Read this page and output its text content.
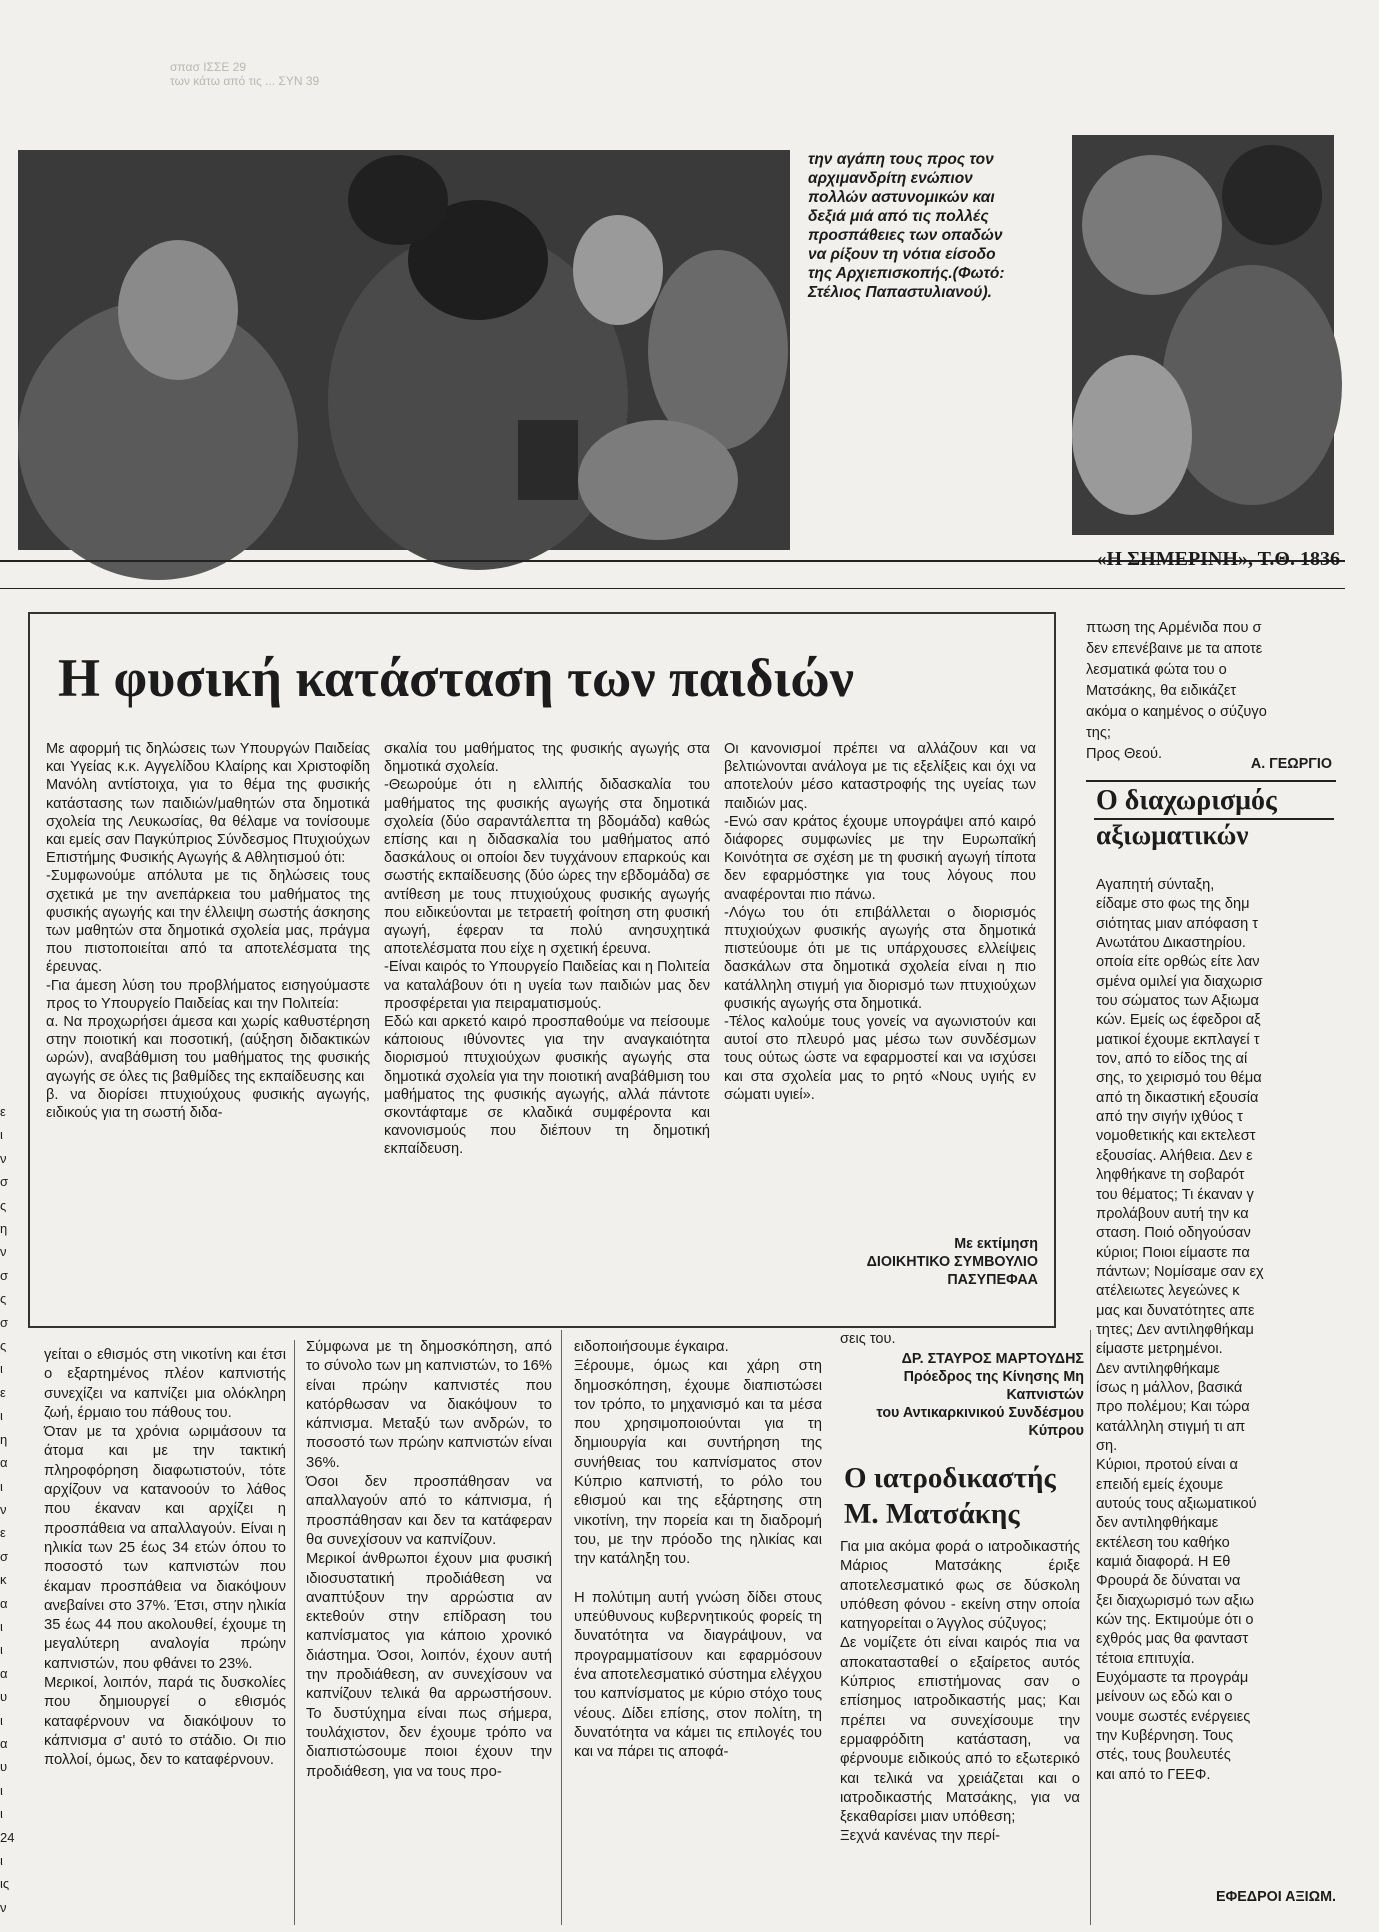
σπασ ΙΣΣΕ 29
των κάτω από τις ... ΣΥΝ 39
την αγάπη τους προς τον
αρχιμανδρίτη ενώπιον
πολλών αστυνομικών και
δεξιά μιά από τις πολλές
προσπάθειες των οπαδών
να ρίξουν τη νότια είσοδο
της Αρχιεπισκοπής.(Φωτό:
Στέλιος Παπαστυλιανού).
«Η ΣΗΜΕΡΙΝΗ», Τ.Θ. 1836
Η φυσική κατάσταση των παιδιών
Με αφορμή τις δηλώσεις των Υπουργών Παιδείας και Υγείας κ.κ. Αγγελίδου Κλαίρης και Χριστοφίδη Μανόλη αντίστοιχα, για το θέμα της φυσικής κατάστασης των παιδιών/μαθητών στα δημοτικά σχολεία της Λευκωσίας, θα θέλαμε να τονίσουμε και εμείς σαν Παγκύπριος Σύνδεσμος Πτυχιούχων Επιστήμης Φυσικής Αγωγής & Αθλητισμού ότι:
-Συμφωνούμε απόλυτα με τις δηλώσεις τους σχετικά με την ανεπάρκεια του μαθήματος της φυσικής αγωγής και την έλλειψη σωστής άσκησης των μαθητών στα δημοτικά σχολεία μας, πράγμα που πιστοποιείται από τα αποτελέσματα της έρευνας.
-Για άμεση λύση του προβλήματος εισηγούμαστε προς το Υπουργείο Παιδείας και την Πολιτεία:
α. Να προχωρήσει άμεσα και χωρίς καθυστέρηση στην ποιοτική και ποσοτική, (αύξηση διδακτικών ωρών), αναβάθμιση του μαθήματος της φυσικής αγωγής σε όλες τις βαθμίδες της εκπαίδευσης και
β. να διορίσει πτυχιούχους φυσικής αγωγής, ειδικούς για τη σωστή διδα-
σκαλία του μαθήματος της φυσικής αγωγής στα δημοτικά σχολεία.
-Θεωρούμε ότι η ελλιπής διδασκαλία του μαθήματος της φυσικής αγωγής στα δημοτικά σχολεία (δύο σαραντάλεπτα τη βδομάδα) καθώς επίσης και η διδασκαλία του μαθήματος από δασκάλους οι οποίοι δεν τυγχάνουν επαρκούς και σωστής εκπαίδευσης (δύο ώρες την εβδομάδα) σε αντίθεση με τους πτυχιούχους φυσικής αγωγής που ειδικεύονται με τετραετή φοίτηση στη φυσική αγωγή, έφεραν τα πολύ ανησυχητικά αποτελέσματα που είχε η σχετική έρευνα.
-Είναι καιρός το Υπουργείο Παιδείας και η Πολιτεία να καταλάβουν ότι η υγεία των παιδιών μας δεν προσφέρεται για πειραματισμούς.
Εδώ και αρκετό καιρό προσπαθούμε να πείσουμε κάποιους ιθύνοντες για την αναγκαιότητα διορισμού πτυχιούχων φυσικής αγωγής στα δημοτικά σχολεία για την ποιοτική αναβάθμιση του μαθήματος της φυσικής αγωγής, αλλά πάντοτε σκοντάφταμε σε κλαδικά συμφέροντα και κανονισμούς που διέπουν τη δημοτική εκπαίδευση.
Οι κανονισμοί πρέπει να αλλάζουν και να βελτιώνονται ανάλογα με τις εξελίξεις και όχι να αποτελούν μέσο καταστροφής της υγείας των παιδιών μας.
-Ενώ σαν κράτος έχουμε υπογράψει από καιρό διάφορες συμφωνίες με την Ευρωπαϊκή Κοινότητα σε σχέση με τη φυσική αγωγή τίποτα δεν εφαρμόστηκε για τους λόγους που αναφέρονται πιο πάνω.
-Λόγω του ότι επιβάλλεται ο διορισμός πτυχιούχων φυσικής αγωγής στα δημοτικά πιστεύουμε ότι με τις υπάρχουσες ελλείψεις δασκάλων στα δημοτικά σχολεία είναι η πιο κατάλληλη στιγμή για διορισμό των πτυχιούχων φυσικής αγωγής στα δημοτικά.
-Τέλος καλούμε τους γονείς να αγωνιστούν και αυτοί στο πλευρό μας μέσω των συνδέσμων τους ούτως ώστε να εφαρμοστεί και να ισχύσει και στα σχολεία μας το ρητό «Νους υγιής εν σώματι υγιεί».
Με εκτίμηση
ΔΙΟΙΚΗΤΙΚΟ ΣΥΜΒΟΥΛΙΟ
ΠΑΣΥΠΕΦΑΑ
πτωση της Αρμένιδα που σ
δεν επενέβαινε με τα αποτε
λεσματικά φώτα του ο
Ματσάκης, θα ειδικάζετ
ακόμα ο καημένος ο σύζυγο
της;
Προς Θεού.
Α. ΓΕΩΡΓΙΟ
Ο διαχωρισμός
αξιωματικών
Αγαπητή σύνταξη,
είδαμε στο φως της δημ
σιότητας μιαν απόφαση τ
Ανωτάτου Δικαστηρίου.
οποία είτε ορθώς είτε λαν
σμένα ομιλεί για διαχωρισ
του σώματος των Αξιωμα
κών. Εμείς ως έφεδροι αξ
ματικοί έχουμε εκπλαγεί τ
τον, από το είδος της αί
σης, το χειρισμό του θέμα
από τη δικαστική εξουσία
από την σιγήν ιχθύος τ
νομοθετικής και εκτελεστ
εξουσίας. Αλήθεια. Δεν ε
ληφθήκανε τη σοβαρότ
του θέματος; Τι έκαναν γ
προλάβουν αυτή την κα
σταση. Ποιό οδηγούσαν
κύριοι; Ποιοι είμαστε πα
πάντων; Νομίσαμε σαν εχ
ατέλειωτες λεγεώνες κ
μας και δυνατότητες απε
τητες; Δεν αντιληφθήκαμ
είμαστε μετρημένοι.
Δεν αντιληφθήκαμε
ίσως η μάλλον, βασικά
προ πολέμου; Και τώρα
κατάλληλη στιγμή τι απ
ση.
Κύριοι, προτού είναι α
επειδή εμείς έχουμε
αυτούς τους αξιωματικού
δεν αντιληφθήκαμε
εκτέλεση του καθήκο
καμιά διαφορά. Η Εθ
Φρουρά δε δύναται να
ξει διαχωρισμό των αξιω
κών της. Εκτιμούμε ότι ο
εχθρός μας θα φανταστ
τέτοια επιτυχία.
Ευχόμαστε τα προγράμ
μείνουν ως εδώ και ο
νουμε σωστές ενέργειες
την Κυβέρνηση. Τους
στές, τους βουλευτές
και από το ΓΕΕΦ.
ΕΦΕΔΡΟΙ ΑΞΙΩΜ.
ε
ι
ν
σ
ς
η
ν
σ
ς
σ
ς
ι
ε
ι
η
α
ι
ν
ε
σ
κ
α
ι
ι
α
υ
ι
α
υ
ι
ι
24
ι
ις
ν
γείται ο εθισμός στη νικοτίνη και έτσι ο εξαρτημένος πλέον καπνιστής συνεχίζει να καπνίζει μια ολόκληρη ζωή, έρμαιο του πάθους του.
Όταν με τα χρόνια ωριμάσουν τα άτομα και με την τακτική πληροφόρηση διαφωτιστούν, τότε αρχίζουν να κατανοούν το λάθος που έκαναν και αρχίζει η προσπάθεια να απαλλαγούν. Είναι η ηλικία των 25 έως 34 ετών όπου το ποσοστό των καπνιστών που έκαμαν προσπάθεια να διακόψουν ανεβαίνει στο 37%. Έτσι, στην ηλικία 35 έως 44 που ακολουθεί, έχουμε τη μεγαλύτερη αναλογία πρώην καπνιστών, που φθάνει το 23%.
Μερικοί, λοιπόν, παρά τις δυσκολίες που δημιουργεί ο εθισμός καταφέρνουν να διακόψουν το κάπνισμα σ' αυτό το στάδιο. Οι πιο πολλοί, όμως, δεν το καταφέρνουν.
Σύμφωνα με τη δημοσκόπηση, από το σύνολο των μη καπνιστών, το 16% είναι πρώην καπνιστές που κατόρθωσαν να διακόψουν το κάπνισμα. Μεταξύ των ανδρών, το ποσοστό των πρώην καπνιστών είναι 36%.
Όσοι δεν προσπάθησαν να απαλλαγούν από το κάπνισμα, ή προσπάθησαν και δεν τα κατάφεραν θα συνεχίσουν να καπνίζουν.
Μερικοί άνθρωποι έχουν μια φυσική ιδιοσυστατική προδιάθεση να αναπτύξουν την αρρώστια αν εκτεθούν στην επίδραση του καπνίσματος για κάποιο χρονικό διάστημα. Όσοι, λοιπόν, έχουν αυτή την προδιάθεση, αν συνεχίσουν να καπνίζουν τελικά θα αρρωστήσουν. Το δυστύχημα είναι πως σήμερα, τουλάχιστον, δεν έχουμε τρόπο να διαπιστώσουμε ποιοι έχουν την προδιάθεση, για να τους προ-
ειδοποιήσουμε έγκαιρα.
Ξέρουμε, όμως και χάρη στη δημοσκόπηση, έχουμε διαπιστώσει τον τρόπο, το μηχανισμό και τα μέσα που χρησιμοποιούνται για τη δημιουργία και συντήρηση της συνήθειας του καπνίσματος στον Κύπριο καπνιστή, το ρόλο του εθισμού και της εξάρτησης στη νικοτίνη, την πορεία και τη διαδρομή του, με την πρόοδο της ηλικίας και την κατάληξη του.

Η πολύτιμη αυτή γνώση δίδει στους υπεύθυνους κυβερνητικούς φορείς τη δυνατότητα να διαγράψουν, να προγραμματίσουν και εφαρμόσουν ένα αποτελεσματικό σύστημα ελέγχου του καπνίσματος με κύριο στόχο τους νέους. Δίδει επίσης, στον πολίτη, τη δυνατότητα να κάμει τις επιλογές του και να πάρει τις αποφά-
σεις του.
ΔΡ. ΣΤΑΥΡΟΣ ΜΑΡΤΟΥΔΗΣ
Πρόεδρος της Κίνησης Μη
Καπνιστών
του Αντικαρκινικού Συνδέσμου Κύπρου
Ο ιατροδικαστής
Μ. Ματσάκης
Για μια ακόμα φορά ο ιατροδικαστής Μάριος Ματσάκης έριξε αποτελεσματικό φως σε δύσκολη υπόθεση φόνου - εκείνη στην οποία κατηγορείται ο Άγγλος σύζυγος;
Δε νομίζετε ότι είναι καιρός πια να αποκατασταθεί ο εξαίρετος αυτός Κύπριος επιστήμονας σαν ο επίσημος ιατροδικαστής μας; Και πρέπει να συνεχίσουμε την ερμαφρόδιτη κατάσταση, να φέρνουμε ειδικούς από το εξωτερικό και τελικά να χρειάζεται και ο ιατροδικαστής Ματσάκης, για να ξεκαθαρίσει μιαν υπόθεση;
Ξεχνά κανένας την περί-
